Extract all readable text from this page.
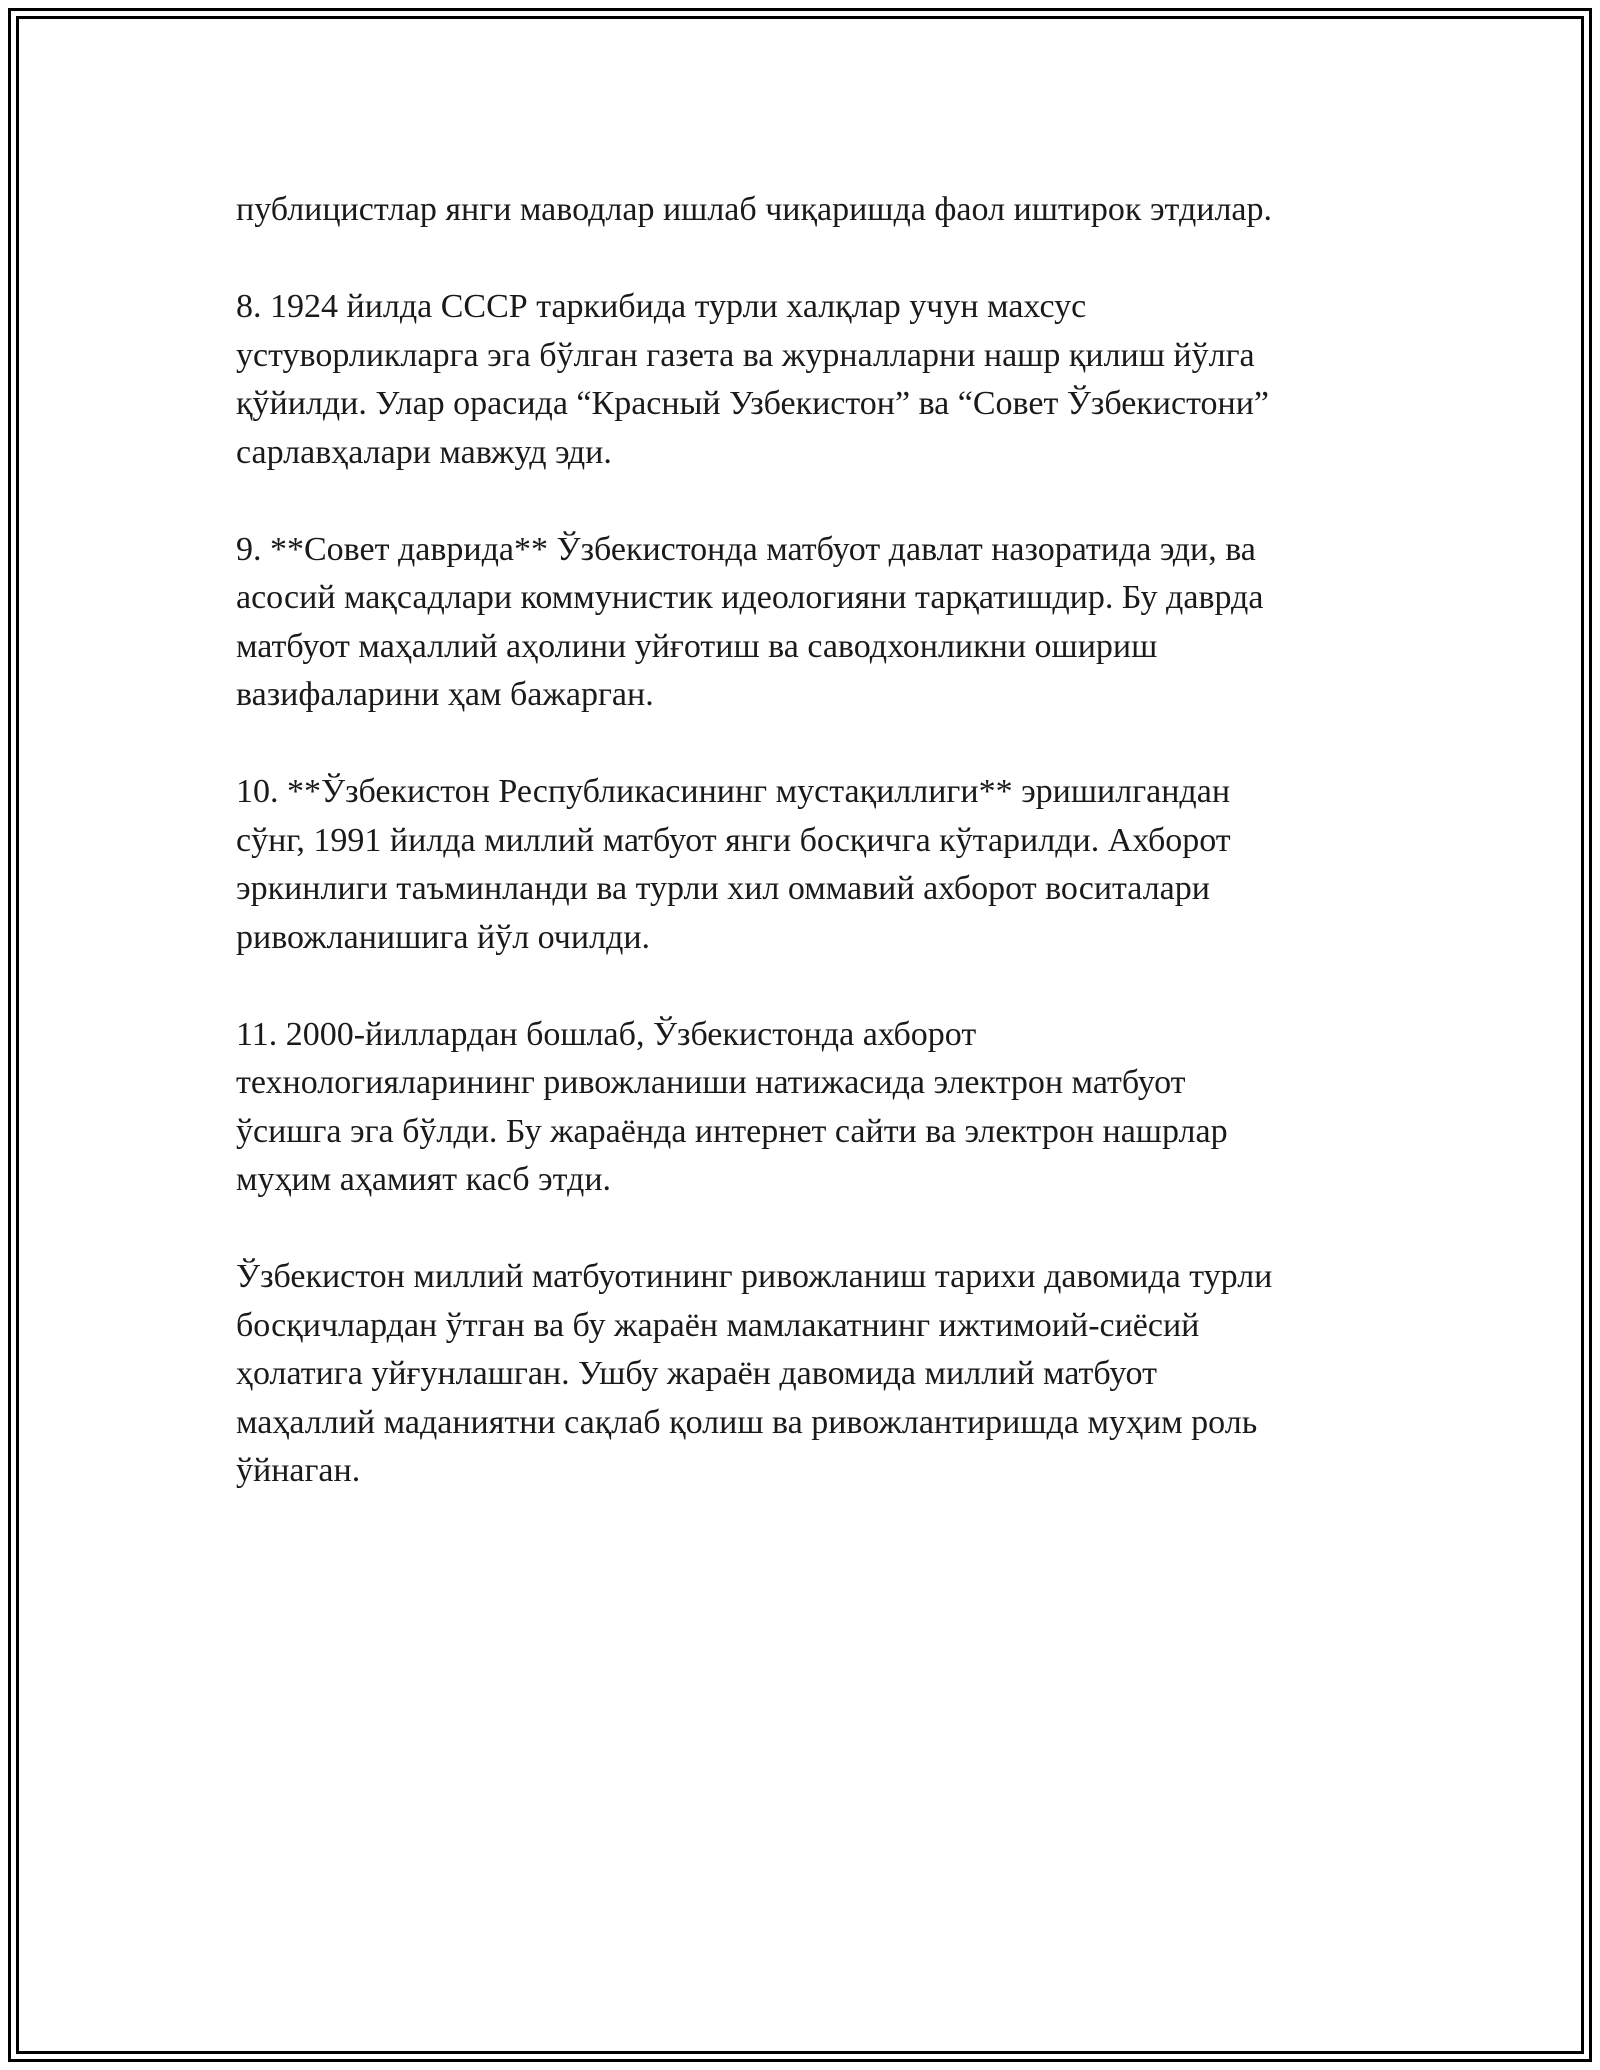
публицистлар янги маводлар ишлаб чиқаришда фаол иштирок этдилар.

8. 1924 йилда СССР таркибида турли халқлар учун махсус
устуворликларга эга бўлган газета ва журналларни нашр қилиш йўлга
қўйилди. Улар орасида “Красный Узбекистон” ва “Совет Ўзбекистони”
сарлавҳалари мавжуд эди.

9. **Совет даврида** Ўзбекистонда матбуот давлат назоратида эди, ва
асосий мақсадлари коммунистик идеологияни тарқатишдир. Бу даврда
матбуот маҳаллий аҳолини уйғотиш ва саводхонликни ошириш
вазифаларини ҳам бажарган.

10. **Ўзбекистон Республикасининг мустақиллиги** эришилгандан
сўнг, 1991 йилда миллий матбуот янги босқичга кўтарилди. Ахборот
эркинлиги таъминланди ва турли хил оммавий ахборот воситалари
ривожланишига йўл очилди.

11. 2000-йиллардан бошлаб, Ўзбекистонда ахборот
технологияларининг ривожланиши натижасида электрон матбуот
ўсишга эга бўлди. Бу жараёнда интернет сайти ва электрон нашрлар
муҳим аҳамият касб этди.

Ўзбекистон миллий матбуотининг ривожланиш тарихи давомида турли
босқичлардан ўтган ва бу жараён мамлакатнинг ижтимоий-сиёсий
ҳолатига уйғунлашган. Ушбу жараён давомида миллий матбуот
маҳаллий маданиятни сақлаб қолиш ва ривожлантиришда муҳим роль
ўйнаган.
